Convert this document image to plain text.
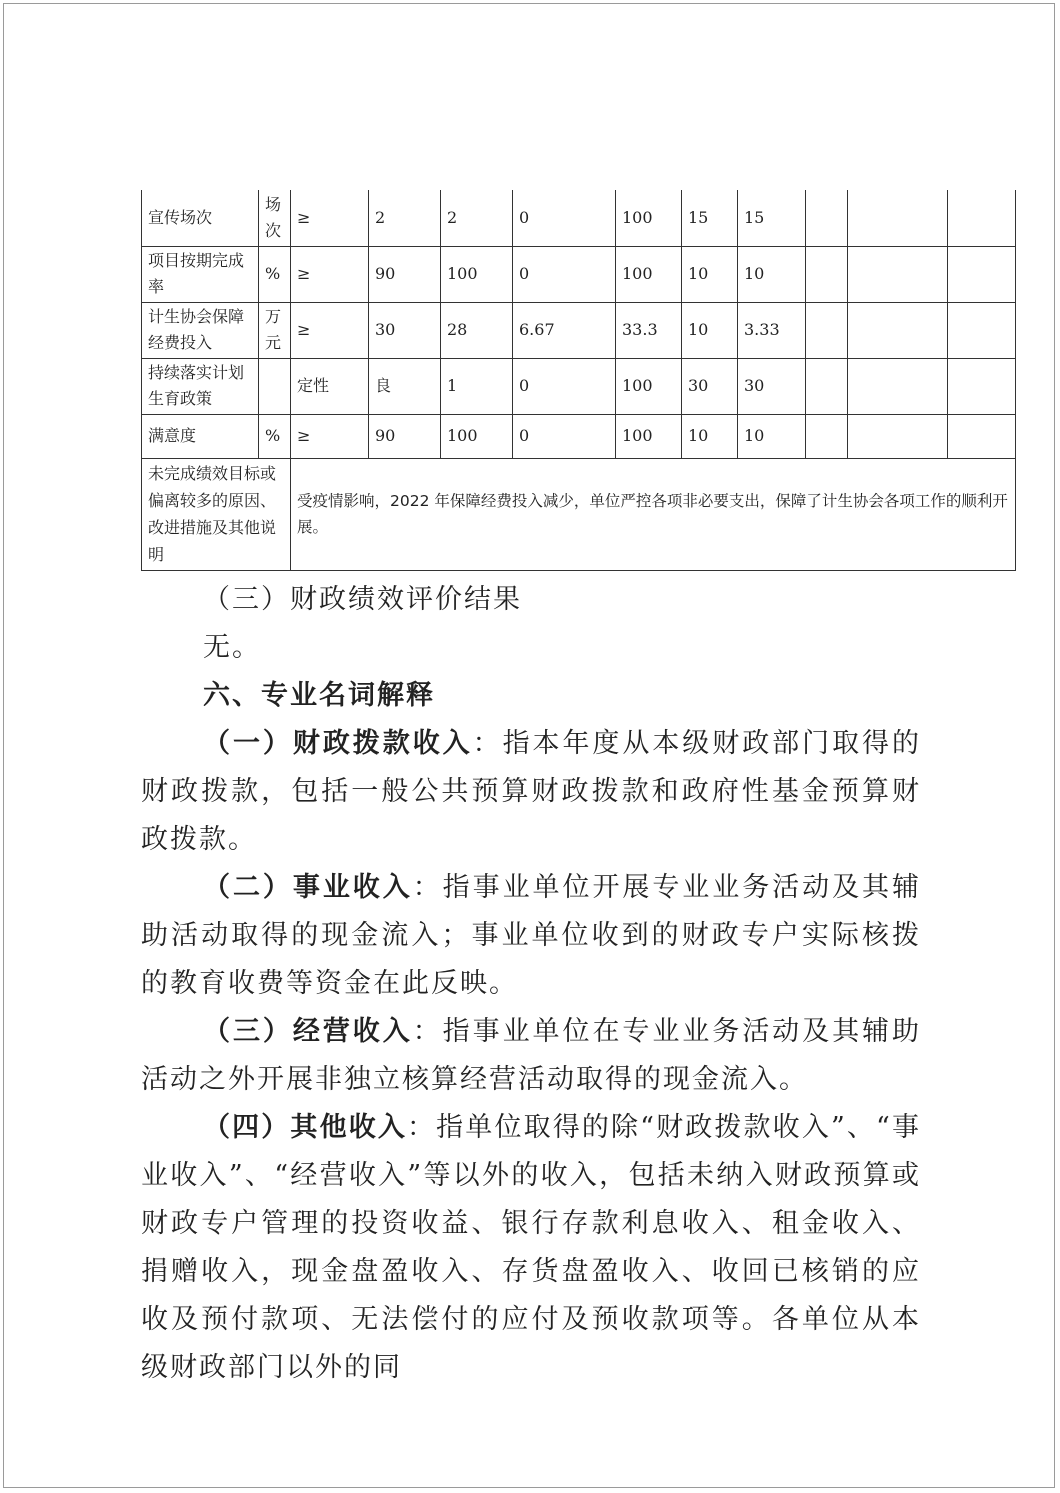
宣传场次	场次	≥	2	2	0	100	15	15			
项目按期完成率	%	≥	90	100	0	100	10	10			
计生协会保障经费投入	万元	≥	30	28	6.67	33.3	10	3.33			
持续落实计划生育政策		定性	良	1	0	100	30	30			
满意度	%	≥	90	100	0	100	10	10			
未完成绩效目标或偏离较多的原因、改进措施及其他说明		受疫情影响，2022 年保障经费投入减少，单位严控各项非必要支出，保障了计生协会各项工作的顺利开展。									

（三）财政绩效评价结果

无。

六、专业名词解释

（一）财政拨款收入：指本年度从本级财政部门取得的财政拨款，包括一般公共预算财政拨款和政府性基金预算财政拨款。

（二）事业收入：指事业单位开展专业业务活动及其辅助活动取得的现金流入；事业单位收到的财政专户实际核拨的教育收费等资金在此反映。

（三）经营收入：指事业单位在专业业务活动及其辅助活动之外开展非独立核算经营活动取得的现金流入。

（四）其他收入：指单位取得的除“财政拨款收入”、“事业收入”、“经营收入”等以外的收入，包括未纳入财政预算或财政专户管理的投资收益、银行存款利息收入、租金收入、捐赠收入，现金盘盈收入、存货盘盈收入、收回已核销的应收及预付款项、无法偿付的应付及预收款项等。各单位从本级财政部门以外的同
